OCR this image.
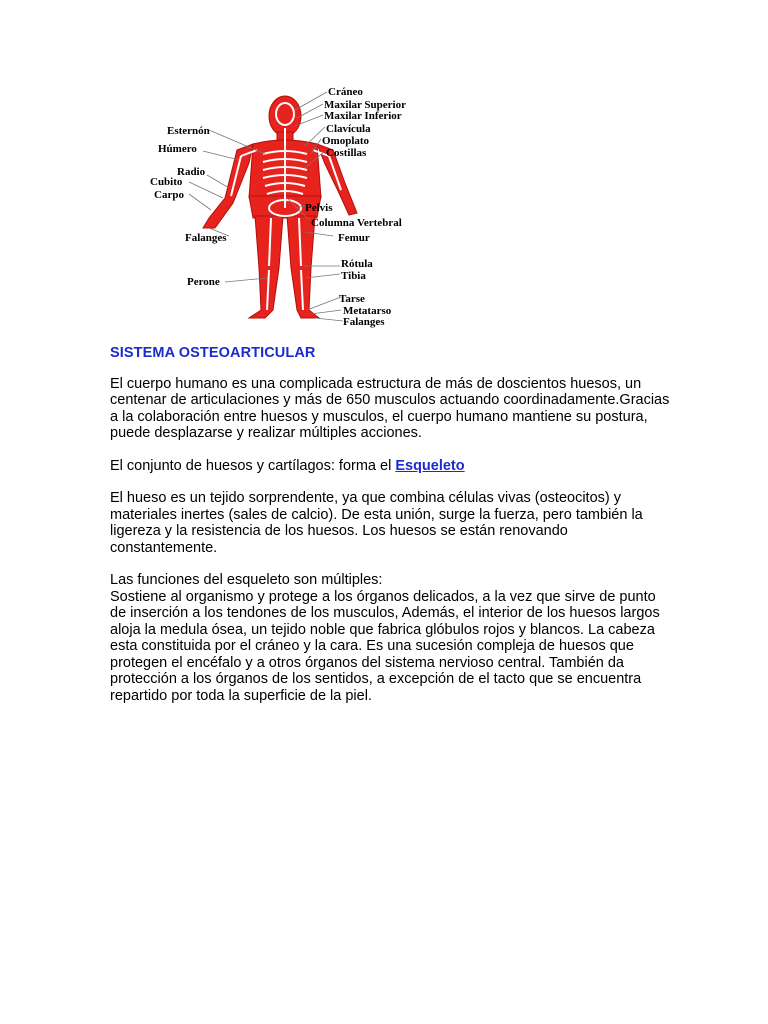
Cráneo
Maxilar Superior
Maxilar Inferior
Clavícula
Omoplato
Costillas
Pelvis
Columna Vertebral
Femur
Rótula
Tibia
Tarse
Metatarso
Falanges
Esternón
Húmero
Radio
Cubito
Carpo
Falanges
Perone
SISTEMA OSTEOARTICULAR

El cuerpo humano es una complicada estructura de más de doscientos huesos, un centenar de articulaciones y más de 650 musculos actuando coordinadamente.Gracias a la colaboración entre huesos y musculos, el cuerpo humano mantiene su postura, puede desplazarse y realizar múltiples acciones.

El conjunto de huesos y cartílagos: forma el Esqueleto

El hueso es un tejido sorprendente, ya que combina células vivas (osteocitos) y materiales inertes (sales de calcio). De esta unión, surge la fuerza, pero también la ligereza y la resistencia de los huesos. Los huesos se están renovando constantemente.

Las funciones del esqueleto son múltiples:
Sostiene al organismo y protege a los órganos delicados, a la vez que sirve de punto de inserción a los tendones de los musculos, Además, el interior de los huesos largos aloja la medula ósea, un tejido noble que fabrica glóbulos rojos y blancos. La cabeza esta constituida por el cráneo y la cara. Es una sucesión compleja de huesos que protegen el encéfalo y a otros órganos del sistema nervioso central. También da protección a los órganos de los sentidos, a excepción de el tacto que se encuentra repartido por toda la superficie de la piel.
